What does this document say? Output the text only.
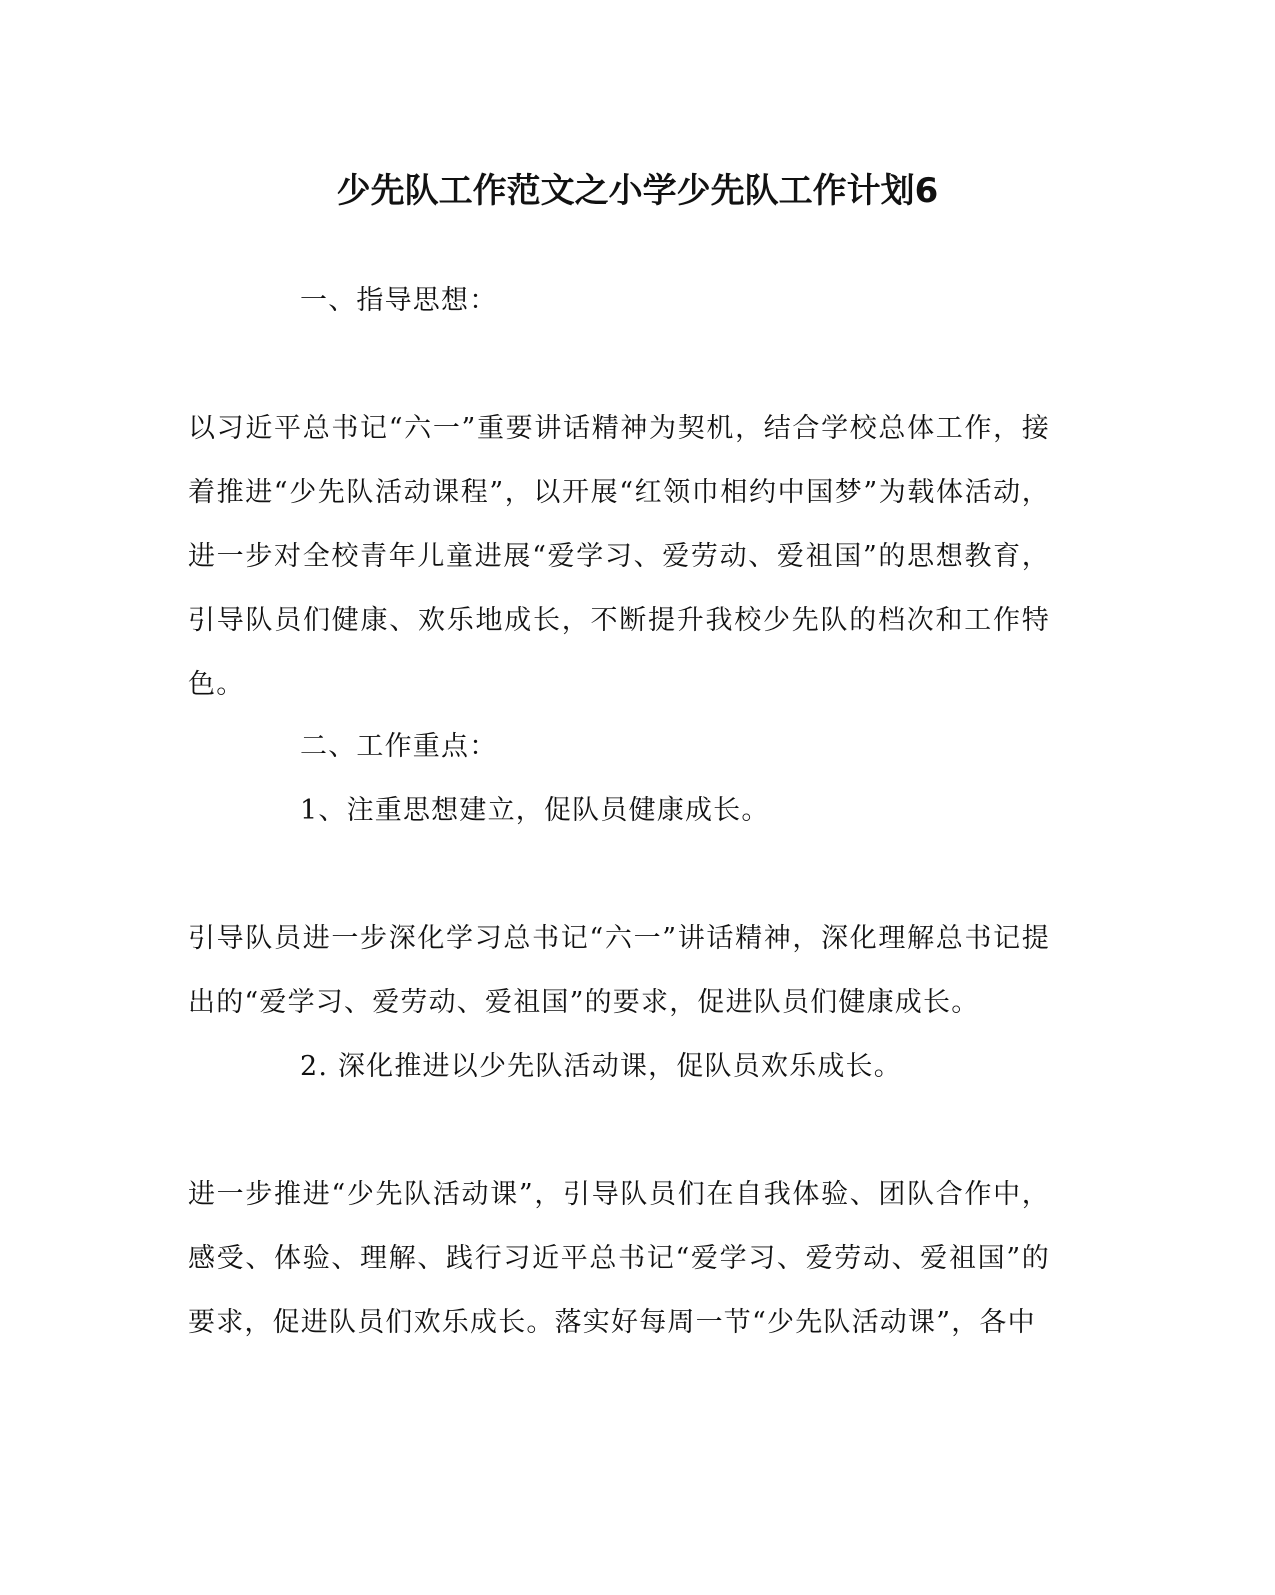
少先队工作范文之小学少先队工作计划6

一、指导思想：

以习近平总书记“六一”重要讲话精神为契机，结合学校总体工作，接着推进“少先队活动课程”，以开展“红领巾相约中国梦”为载体活动，进一步对全校青年儿童进展“爱学习、爱劳动、爱祖国”的思想教育，引导队员们健康、欢乐地成长，不断提升我校少先队的档次和工作特色。

二、工作重点：

1、注重思想建立，促队员健康成长。

引导队员进一步深化学习总书记“六一”讲话精神，深化理解总书记提出的“爱学习、爱劳动、爱祖国”的要求，促进队员们健康成长。

2. 深化推进以少先队活动课，促队员欢乐成长。

进一步推进“少先队活动课”，引导队员们在自我体验、团队合作中，感受、体验、理解、践行习近平总书记“爱学习、爱劳动、爱祖国”的要求，促进队员们欢乐成长。落实好每周一节“少先队活动课”，各中
